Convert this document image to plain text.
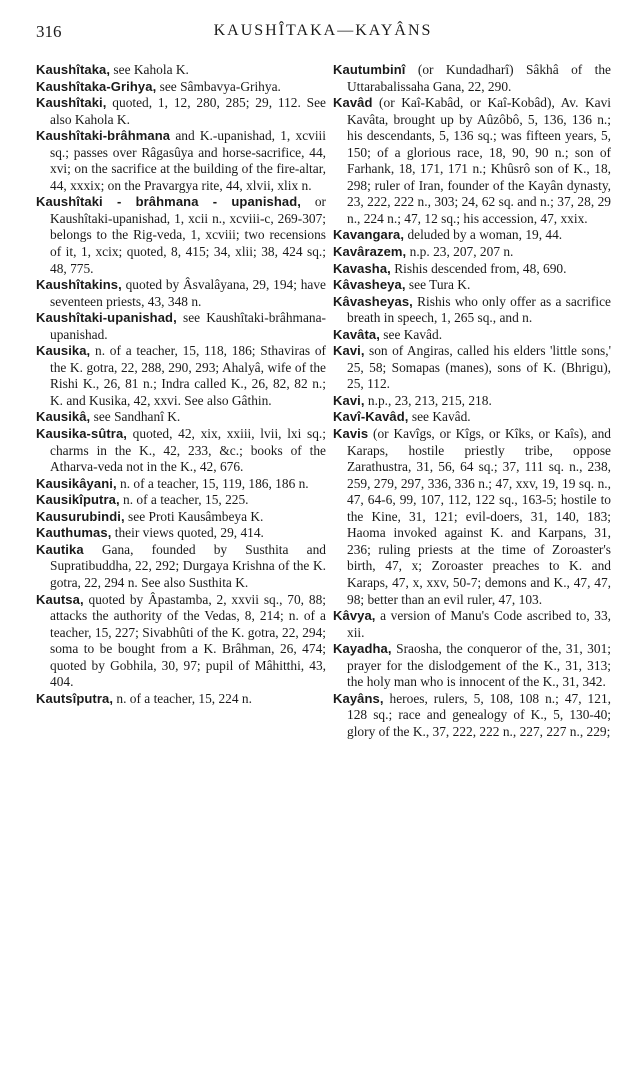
316	KAUSHÎTAKA—KAYÂNS

Kaushîtaka, see Kahola K.

Kaushîtaka-Grihya, see Sâmbavya-Grihya.

Kaushîtaki, quoted, 1, 12, 280, 285; 29, 112. See also Kahola K.

Kaushîtaki-brâhmana and K.-upanishad, 1, xcviii sq.; passes over Râgasûya and horse-sacrifice, 44, xvi; on the sacrifice at the building of the fire-altar, 44, xxxix; on the Pravargya rite, 44, xlvii, xlix n.

Kaushîtaki - brâhmana - upanishad, or Kaushîtaki-upanishad, 1, xcii n., xcviii-c, 269-307; belongs to the Rig-veda, 1, xcviii; two recensions of it, 1, xcix; quoted, 8, 415; 34, xlii; 38, 424 sq.; 48, 775.

Kaushîtakins, quoted by Âsvalâyana, 29, 194; have seventeen priests, 43, 348 n.

Kaushîtaki-upanishad, see Kaushîtaki-brâhmana-upanishad.

Kausika, n. of a teacher, 15, 118, 186; Sthaviras of the K. gotra, 22, 288, 290, 293; Ahalyâ, wife of the Rishi K., 26, 81 n.; Indra called K., 26, 82, 82 n.; K. and Kusika, 42, xxvi. See also Gâthin.

Kausikâ, see Sandhanî K.

Kausika-sûtra, quoted, 42, xix, xxiii, lvii, lxi sq.; charms in the K., 42, 233, &c.; books of the Atharva-veda not in the K., 42, 676.

Kausikâyani, n. of a teacher, 15, 119, 186, 186 n.

Kausikîputra, n. of a teacher, 15, 225.

Kausurubindi, see Proti Kausâmbeya K.

Kauthumas, their views quoted, 29, 414.

Kautika Gana, founded by Susthita and Supratibuddha, 22, 292; Durgaya Krishna of the K. gotra, 22, 294 n. See also Susthita K.

Kautsa, quoted by Âpastamba, 2, xxvii sq., 70, 88; attacks the authority of the Vedas, 8, 214; n. of a teacher, 15, 227; Sivabhûti of the K. gotra, 22, 294; soma to be bought from a K. Brâhman, 26, 474; quoted by Gobhila, 30, 97; pupil of Mâhitthi, 43, 404.

Kautsîputra, n. of a teacher, 15, 224 n.

Kautumbinî (or Kundadharî) Sâkhâ of the Uttarabalissaha Gana, 22, 290.

Kavâd (or Kaî-Kabâd, or Kaî-Kobâd), Av. Kavi Kavâta, brought up by Aûzôbô, 5, 136, 136 n.; his descendants, 5, 136 sq.; was fifteen years, 5, 150; of a glorious race, 18, 90, 90 n.; son of Farhank, 18, 171, 171 n.; Khûsrô son of K., 18, 298; ruler of Iran, founder of the Kayân dynasty, 23, 222, 222 n., 303; 24, 62 sq. and n.; 37, 28, 29 n., 224 n.; 47, 12 sq.; his accession, 47, xxix.

Kavangara, deluded by a woman, 19, 44.

Kavârazem, n.p. 23, 207, 207 n.

Kavasha, Rishis descended from, 48, 690.

Kâvasheya, see Tura K.

Kâvasheyas, Rishis who only offer as a sacrifice breath in speech, 1, 265 sq., and n.

Kavâta, see Kavâd.

Kavi, son of Angiras, called his elders 'little sons,' 25, 58; Somapas (manes), sons of K. (Bhrigu), 25, 112.

Kavi, n.p., 23, 213, 215, 218.

Kavî-Kavâd, see Kavâd.

Kavis (or Kavîgs, or Kîgs, or Kîks, or Kaîs), and Karaps, hostile priestly tribe, oppose Zarathustra, 31, 56, 64 sq.; 37, 111 sq. n., 238, 259, 279, 297, 336, 336 n.; 47, xxv, 19, 19 sq. n., 47, 64-6, 99, 107, 112, 122 sq., 163-5; hostile to the Kine, 31, 121; evil-doers, 31, 140, 183; Haoma invoked against K. and Karpans, 31, 236; ruling priests at the time of Zoroaster's birth, 47, x; Zoroaster preaches to K. and Karaps, 47, x, xxv, 50-7; demons and K., 47, 47, 98; better than an evil ruler, 47, 103.

Kâvya, a version of Manu's Code ascribed to, 33, xii.

Kayadha, Sraosha, the conqueror of the, 31, 301; prayer for the dislodgement of the K., 31, 313; the holy man who is innocent of the K., 31, 342.

Kayâns, heroes, rulers, 5, 108, 108 n.; 47, 121, 128 sq.; race and genealogy of K., 5, 130-40; glory of the K., 37, 222, 222 n., 227, 227 n., 229;
